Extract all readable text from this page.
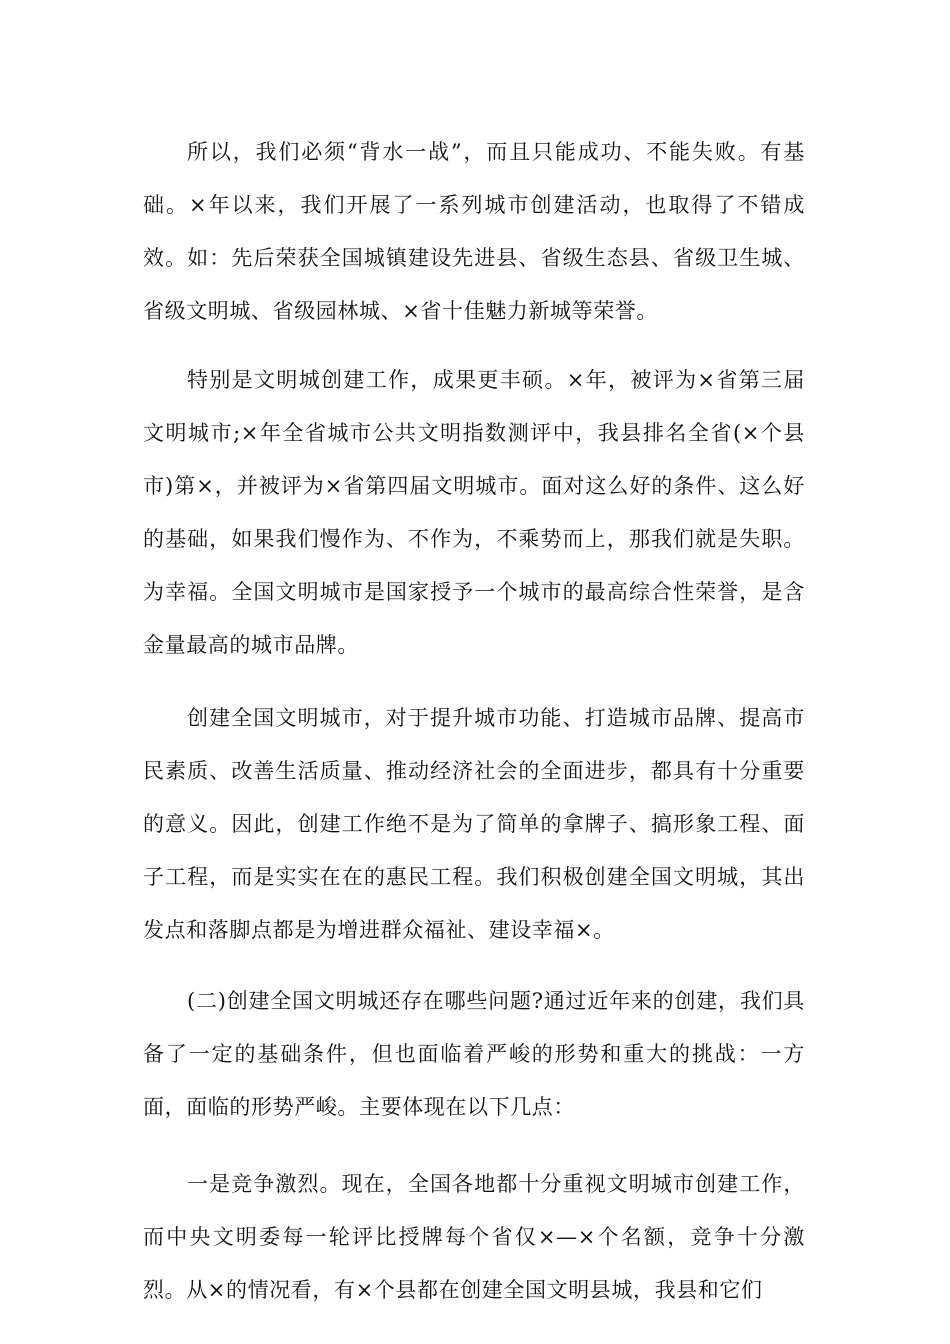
所以，我们必须“背水一战”，而且只能成功、不能失败。有基础。×年以来，我们开展了一系列城市创建活动，也取得了不错成效。如：先后荣获全国城镇建设先进县、省级生态县、省级卫生城、省级文明城、省级园林城、×省十佳魅力新城等荣誉。

特别是文明城创建工作，成果更丰硕。×年，被评为×省第三届文明城市;×年全省城市公共文明指数测评中，我县排名全省(×个县市)第×，并被评为×省第四届文明城市。面对这么好的条件、这么好的基础，如果我们慢作为、不作为，不乘势而上，那我们就是失职。为幸福。全国文明城市是国家授予一个城市的最高综合性荣誉，是含金量最高的城市品牌。

创建全国文明城市，对于提升城市功能、打造城市品牌、提高市民素质、改善生活质量、推动经济社会的全面进步，都具有十分重要的意义。因此，创建工作绝不是为了简单的拿牌子、搞形象工程、面子工程，而是实实在在的惠民工程。我们积极创建全国文明城，其出发点和落脚点都是为增进群众福祉、建设幸福×。

(二)创建全国文明城还存在哪些问题?通过近年来的创建，我们具备了一定的基础条件，但也面临着严峻的形势和重大的挑战：一方面，面临的形势严峻。主要体现在以下几点：

一是竞争激烈。现在，全国各地都十分重视文明城市创建工作，而中央文明委每一轮评比授牌每个省仅×—×个名额，竞争十分激烈。从×的情况看，有×个县都在创建全国文明县城，我县和它们
